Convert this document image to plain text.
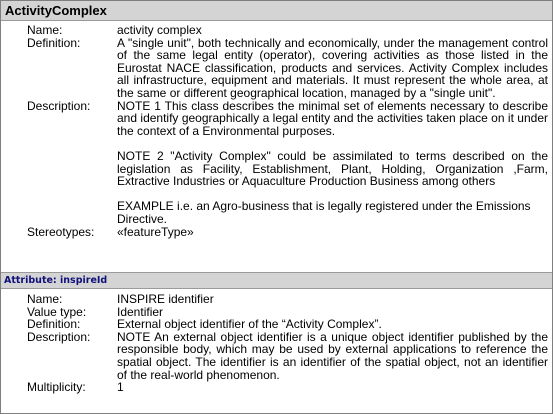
ActivityComplex
Name:	activity complex

Definition:	A "single unit", both technically and economically, under the management control of the same legal entity (operator), covering activities as those listed in the Eurostat NACE classification, products and services. Activity Complex includes all infrastructure, equipment and materials. It must represent the whole area, at the same or different geographical location, managed by a "single unit".

Description: NOTE 1 This class describes the minimal set of elements necessary to describe and identify geographically a legal entity and the activities taken place on it under the context of a Environmental purposes.

NOTE 2 "Activity Complex" could be assimilated to terms described on the legislation as Facility, Establishment, Plant, Holding, Organization ,Farm, Extractive Industries or Aquaculture Production Business among others

EXAMPLE i.e. an Agro-business that is legally registered under the Emissions Directive.

Stereotypes: «featureType»

Attribute: inspireId
Name:	INSPIRE identifier

Value type:	Identifier

Definition:	External object identifier of the “Activity Complex”.

Description: NOTE An external object identifier is a unique object identifier published by the responsible body, which may be used by external applications to reference the spatial object. The identifier is an identifier of the spatial object, not an identifier of the real-world phenomenon.

Multiplicity:	1
